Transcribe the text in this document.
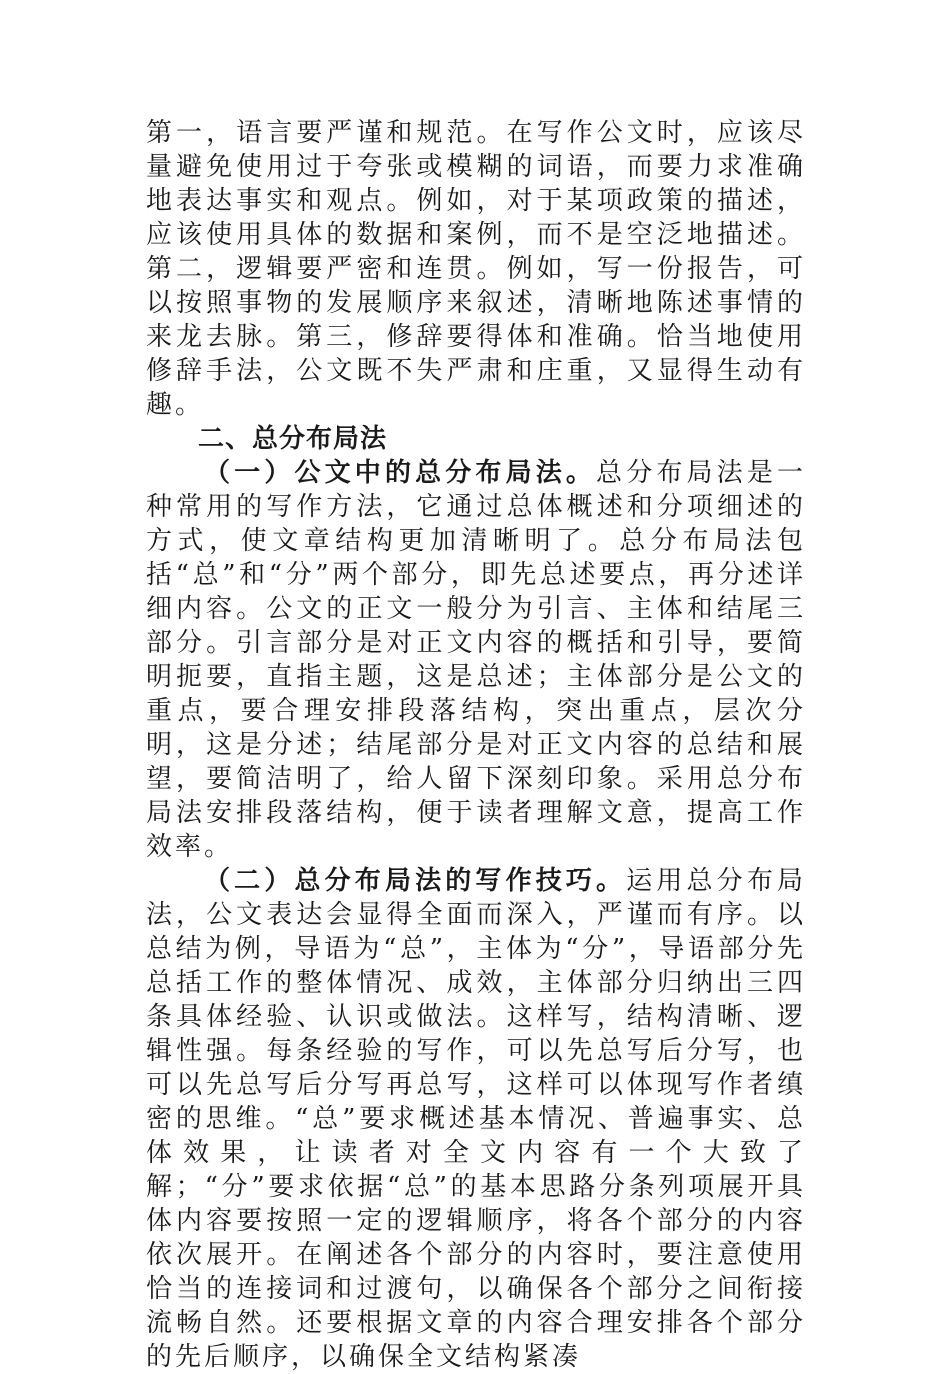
第一，语言要严谨和规范。在写作公文时，应该尽量避免使用过于夸张或模糊的词语，而要力求准确地表达事实和观点。例如，对于某项政策的描述，应该使用具体的数据和案例，而不是空泛地描述。第二，逻辑要严密和连贯。例如，写一份报告，可以按照事物的发展顺序来叙述，清晰地陈述事情的来龙去脉。第三，修辞要得体和准确。恰当地使用修辞手法，公文既不失严肃和庄重，又显得生动有趣。

二、总分布局法

（一）公文中的总分布局法。总分布局法是一种常用的写作方法，它通过总体概述和分项细述的方式，使文章结构更加清晰明了。总分布局法包括“总”和“分”两个部分，即先总述要点，再分述详细内容。公文的正文一般分为引言、主体和结尾三部分。引言部分是对正文内容的概括和引导，要简明扼要，直指主题，这是总述；主体部分是公文的重点，要合理安排段落结构，突出重点，层次分明，这是分述；结尾部分是对正文内容的总结和展望，要简洁明了，给人留下深刻印象。采用总分布局法安排段落结构，便于读者理解文意，提高工作效率。

（二）总分布局法的写作技巧。运用总分布局法，公文表达会显得全面而深入，严谨而有序。以总结为例，导语为“总”，主体为“分”，导语部分先总括工作的整体情况、成效，主体部分归纳出三四条具体经验、认识或做法。这样写，结构清晰、逻辑性强。每条经验的写作，可以先总写后分写，也可以先总写后分写再总写，这样可以体现写作者缜密的思维。“总”要求概述基本情况、普遍事实、总体效果，让读者对全文内容有一个大致了解；“分”要求依据“总”的基本思路分条列项展开具体内容要按照一定的逻辑顺序，将各个部分的内容依次展开。在阐述各个部分的内容时，要注意使用恰当的连接词和过渡句，以确保各个部分之间衔接流畅自然。还要根据文章的内容合理安排各个部分的先后顺序，以确保全文结构紧凑
